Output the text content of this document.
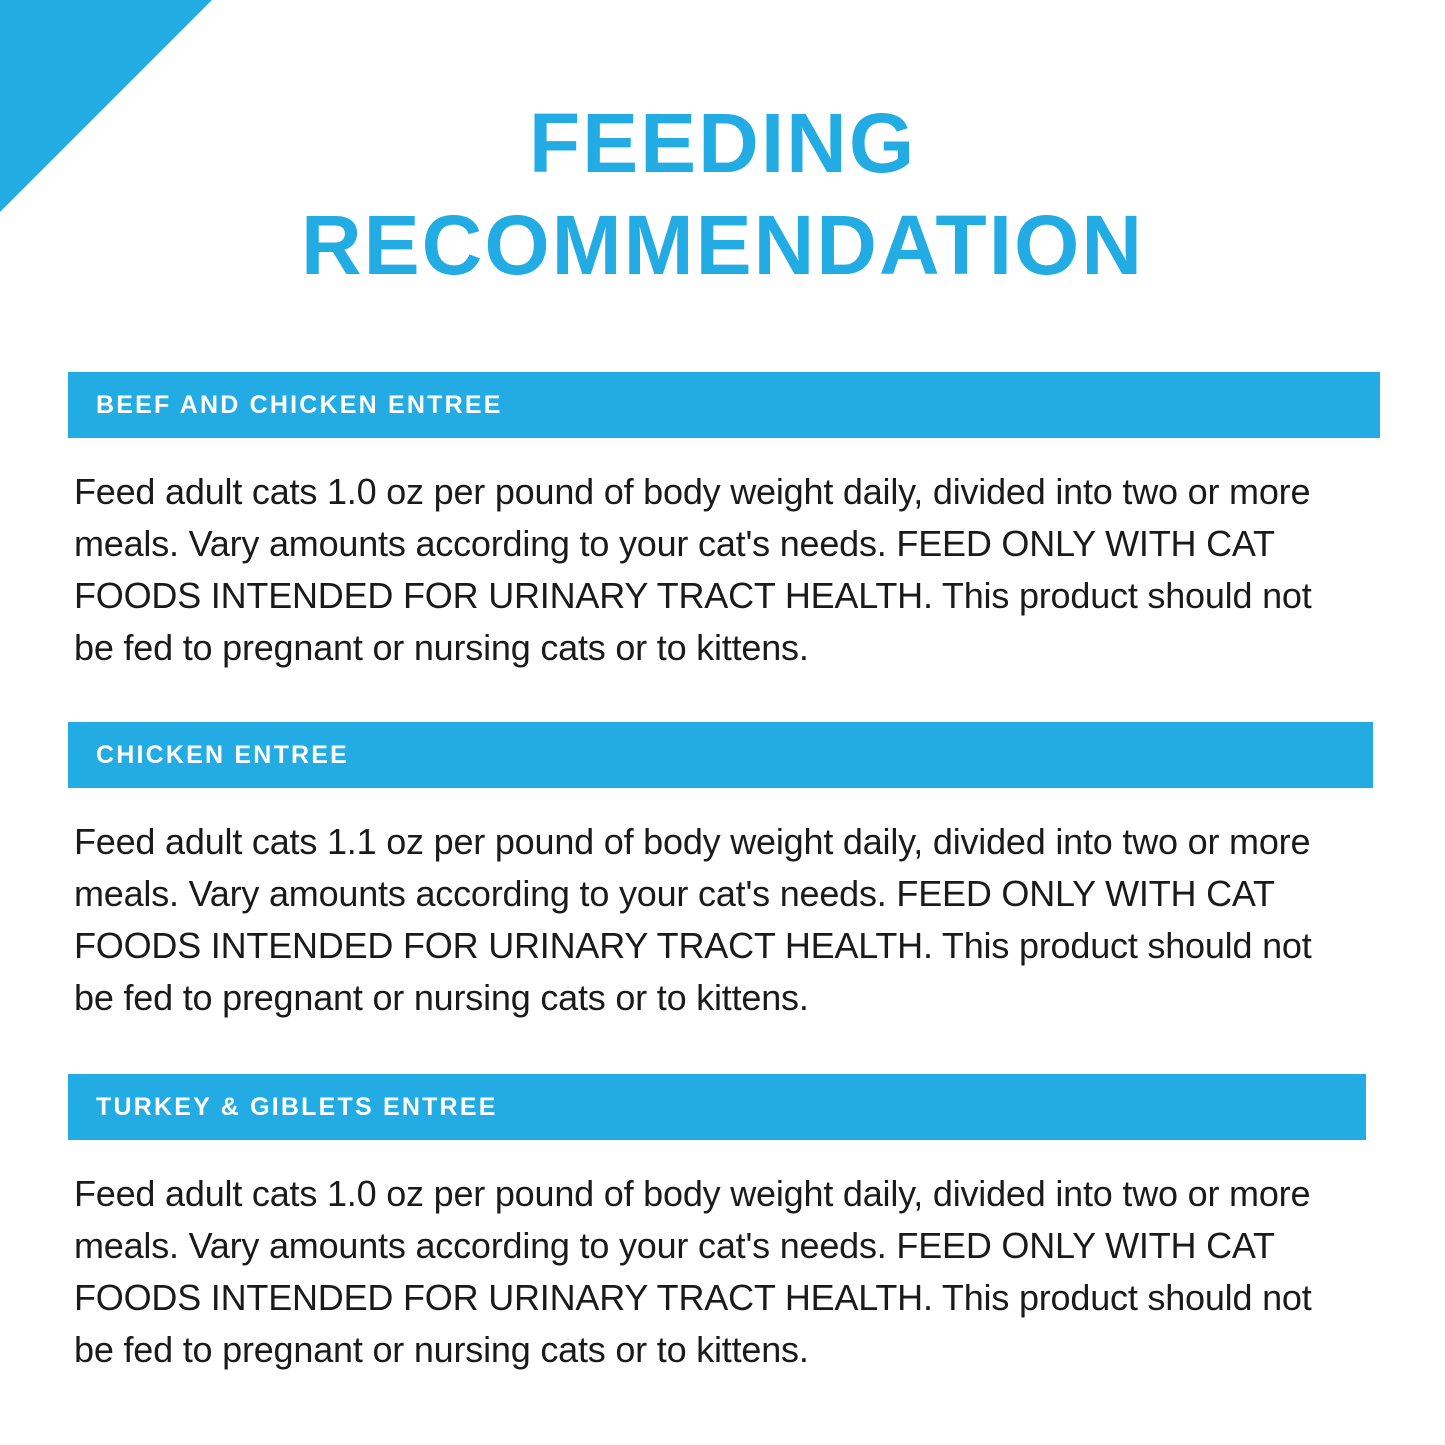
FEEDING
RECOMMENDATION
BEEF AND CHICKEN ENTREE
Feed adult cats 1.0 oz per pound of body weight daily, divided into two or more meals. Vary amounts according to your cat's needs. FEED ONLY WITH CAT FOODS INTENDED FOR URINARY TRACT HEALTH. This product should not be fed to pregnant or nursing cats or to kittens.
CHICKEN ENTREE
Feed adult cats 1.1 oz per pound of body weight daily, divided into two or more meals. Vary amounts according to your cat's needs. FEED ONLY WITH CAT FOODS INTENDED FOR URINARY TRACT HEALTH. This product should not be fed to pregnant or nursing cats or to kittens.
TURKEY & GIBLETS ENTREE
Feed adult cats 1.0 oz per pound of body weight daily, divided into two or more meals. Vary amounts according to your cat's needs. FEED ONLY WITH CAT FOODS INTENDED FOR URINARY TRACT HEALTH. This product should not be fed to pregnant or nursing cats or to kittens.
